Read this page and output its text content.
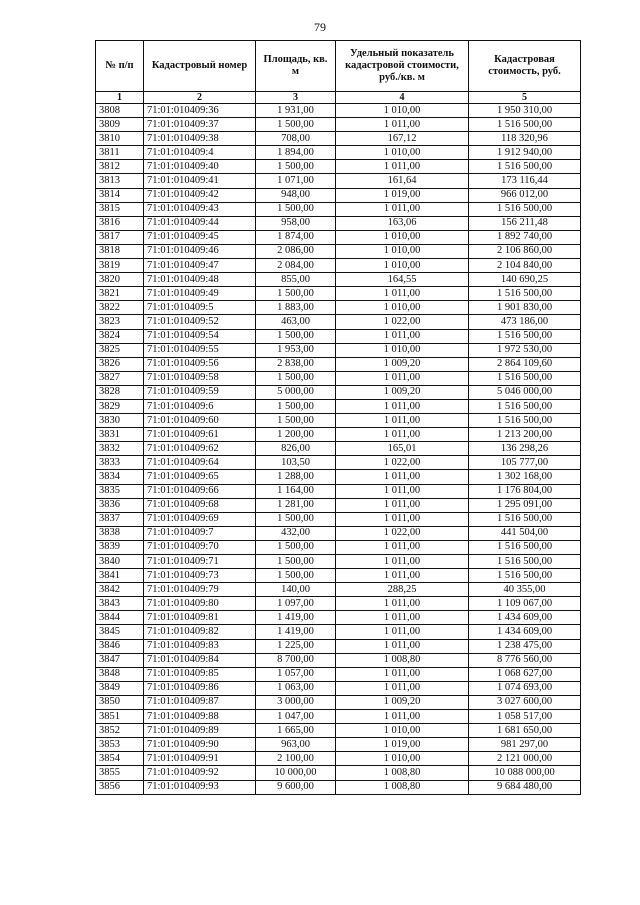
79
№ п/п	Кадастровый номер	Площадь, кв. м	Удельный показатель кадастровой стоимости, руб./кв. м	Кадастровая стоимость, руб.
1	2	3	4	5
3808	71:01:010409:36	1 931,00	1 010,00	1 950 310,00
3809	71:01:010409:37	1 500,00	1 011,00	1 516 500,00
3810	71:01:010409:38	708,00	167,12	118 320,96
3811	71:01:010409:4	1 894,00	1 010,00	1 912 940,00
3812	71:01:010409:40	1 500,00	1 011,00	1 516 500,00
3813	71:01:010409:41	1 071,00	161,64	173 116,44
3814	71:01:010409:42	948,00	1 019,00	966 012,00
3815	71:01:010409:43	1 500,00	1 011,00	1 516 500,00
3816	71:01:010409:44	958,00	163,06	156 211,48
3817	71:01:010409:45	1 874,00	1 010,00	1 892 740,00
3818	71:01:010409:46	2 086,00	1 010,00	2 106 860,00
3819	71:01:010409:47	2 084,00	1 010,00	2 104 840,00
3820	71:01:010409:48	855,00	164,55	140 690,25
3821	71:01:010409:49	1 500,00	1 011,00	1 516 500,00
3822	71:01:010409:5	1 883,00	1 010,00	1 901 830,00
3823	71:01:010409:52	463,00	1 022,00	473 186,00
3824	71:01:010409:54	1 500,00	1 011,00	1 516 500,00
3825	71:01:010409:55	1 953,00	1 010,00	1 972 530,00
3826	71:01:010409:56	2 838,00	1 009,20	2 864 109,60
3827	71:01:010409:58	1 500,00	1 011,00	1 516 500,00
3828	71:01:010409:59	5 000,00	1 009,20	5 046 000,00
3829	71:01:010409:6	1 500,00	1 011,00	1 516 500,00
3830	71:01:010409:60	1 500,00	1 011,00	1 516 500,00
3831	71:01:010409:61	1 200,00	1 011,00	1 213 200,00
3832	71:01:010409:62	826,00	165,01	136 298,26
3833	71:01:010409:64	103,50	1 022,00	105 777,00
3834	71:01:010409:65	1 288,00	1 011,00	1 302 168,00
3835	71:01:010409:66	1 164,00	1 011,00	1 176 804,00
3836	71:01:010409:68	1 281,00	1 011,00	1 295 091,00
3837	71:01:010409:69	1 500,00	1 011,00	1 516 500,00
3838	71:01:010409:7	432,00	1 022,00	441 504,00
3839	71:01:010409:70	1 500,00	1 011,00	1 516 500,00
3840	71:01:010409:71	1 500,00	1 011,00	1 516 500,00
3841	71:01:010409:73	1 500,00	1 011,00	1 516 500,00
3842	71:01:010409:79	140,00	288,25	40 355,00
3843	71:01:010409:80	1 097,00	1 011,00	1 109 067,00
3844	71:01:010409:81	1 419,00	1 011,00	1 434 609,00
3845	71:01:010409:82	1 419,00	1 011,00	1 434 609,00
3846	71:01:010409:83	1 225,00	1 011,00	1 238 475,00
3847	71:01:010409:84	8 700,00	1 008,80	8 776 560,00
3848	71:01:010409:85	1 057,00	1 011,00	1 068 627,00
3849	71:01:010409:86	1 063,00	1 011,00	1 074 693,00
3850	71:01:010409:87	3 000,00	1 009,20	3 027 600,00
3851	71:01:010409:88	1 047,00	1 011,00	1 058 517,00
3852	71:01:010409:89	1 665,00	1 010,00	1 681 650,00
3853	71:01:010409:90	963,00	1 019,00	981 297,00
3854	71:01:010409:91	2 100,00	1 010,00	2 121 000,00
3855	71:01:010409:92	10 000,00	1 008,80	10 088 000,00
3856	71:01:010409:93	9 600,00	1 008,80	9 684 480,00
